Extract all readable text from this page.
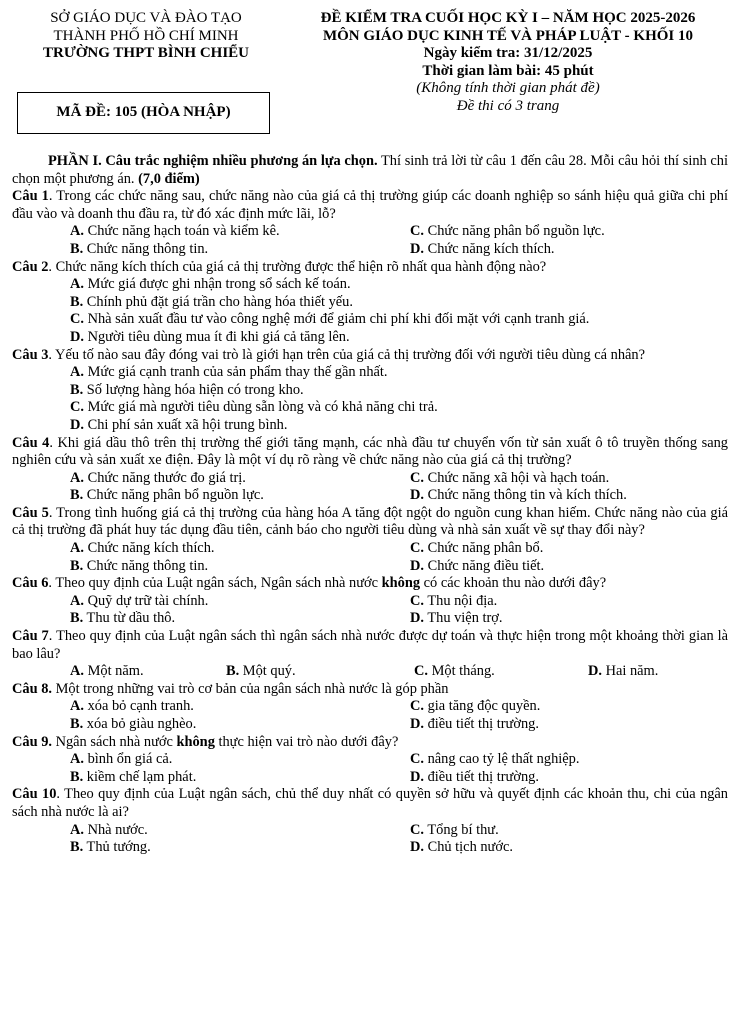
SỞ GIÁO DỤC VÀ ĐÀO TẠO
THÀNH PHỐ HỒ CHÍ MINH
TRƯỜNG THPT BÌNH CHIỂU
ĐỀ KIỂM TRA CUỐI HỌC KỲ I – NĂM HỌC 2025-2026
MÔN GIÁO DỤC KINH TẾ VÀ PHÁP LUẬT - KHỐI 10
Ngày kiểm tra: 31/12/2025
Thời gian làm bài: 45 phút
(Không tính thời gian phát đề)
Đề thi có 3 trang
MÃ ĐỀ: 105 (HÒA NHẬP)

PHẦN I. Câu trắc nghiệm nhiều phương án lựa chọn. Thí sinh trả lời từ câu 1 đến câu 28. Mỗi câu hỏi thí sinh chỉ chọn một phương án. (7,0 điểm)

Câu 1. Trong các chức năng sau, chức năng nào của giá cả thị trường giúp các doanh nghiệp so sánh hiệu quả giữa chi phí đầu vào và doanh thu đầu ra, từ đó xác định mức lãi, lỗ?

A. Chức năng hạch toán và kiểm kê.	C. Chức năng phân bổ nguồn lực.
B. Chức năng thông tin.	D. Chức năng kích thích.

Câu 2. Chức năng kích thích của giá cả thị trường được thể hiện rõ nhất qua hành động nào?

A. Mức giá được ghi nhận trong sổ sách kế toán.
B. Chính phủ đặt giá trần cho hàng hóa thiết yếu.
C. Nhà sản xuất đầu tư vào công nghệ mới để giảm chi phí khi đối mặt với cạnh tranh giá.
D. Người tiêu dùng mua ít đi khi giá cả tăng lên.

Câu 3. Yếu tố nào sau đây đóng vai trò là giới hạn trên của giá cả thị trường đối với người tiêu dùng cá nhân?

A. Mức giá cạnh tranh của sản phẩm thay thế gần nhất.
B. Số lượng hàng hóa hiện có trong kho.
C. Mức giá mà người tiêu dùng sẵn lòng và có khả năng chi trả.
D. Chi phí sản xuất xã hội trung bình.

Câu 4. Khi giá dầu thô trên thị trường thế giới tăng mạnh, các nhà đầu tư chuyển vốn từ sản xuất ô tô truyền thống sang nghiên cứu và sản xuất xe điện. Đây là một ví dụ rõ ràng về chức năng nào của giá cả thị trường?

A. Chức năng thước đo giá trị.	C. Chức năng xã hội và hạch toán.
B. Chức năng phân bổ nguồn lực.	D. Chức năng thông tin và kích thích.

Câu 5. Trong tình huống giá cả thị trường của hàng hóa A tăng đột ngột do nguồn cung khan hiếm. Chức năng nào của giá cả thị trường đã phát huy tác dụng đầu tiên, cảnh báo cho người tiêu dùng và nhà sản xuất về sự thay đổi này?

A. Chức năng kích thích.	C. Chức năng phân bổ.
B. Chức năng thông tin.	D. Chức năng điều tiết.

Câu 6. Theo quy định của Luật ngân sách, Ngân sách nhà nước không có các khoản thu nào dưới đây?

A. Quỹ dự trữ tài chính.	C. Thu nội địa.
B. Thu từ dầu thô.	D. Thu viện trợ.

Câu 7. Theo quy định của Luật ngân sách thì ngân sách nhà nước được dự toán và thực hiện trong một khoảng thời gian là bao lâu?

A. Một năm.	B. Một quý.	C. Một tháng.	D. Hai năm.

Câu 8. Một trong những vai trò cơ bản của ngân sách nhà nước là góp phần

A. xóa bỏ cạnh tranh.	C. gia tăng độc quyền.
B. xóa bỏ giàu nghèo.	D. điều tiết thị trường.

Câu 9. Ngân sách nhà nước không thực hiện vai trò nào dưới đây?

A. bình ổn giá cả.	C. nâng cao tỷ lệ thất nghiệp.
B. kiềm chế lạm phát.	D. điều tiết thị trường.

Câu 10. Theo quy định của Luật ngân sách, chủ thể duy nhất có quyền sở hữu và quyết định các khoản thu, chi của ngân sách nhà nước là ai?

A. Nhà nước.	C. Tổng bí thư.
B. Thủ tướng.	D. Chủ tịch nước.
